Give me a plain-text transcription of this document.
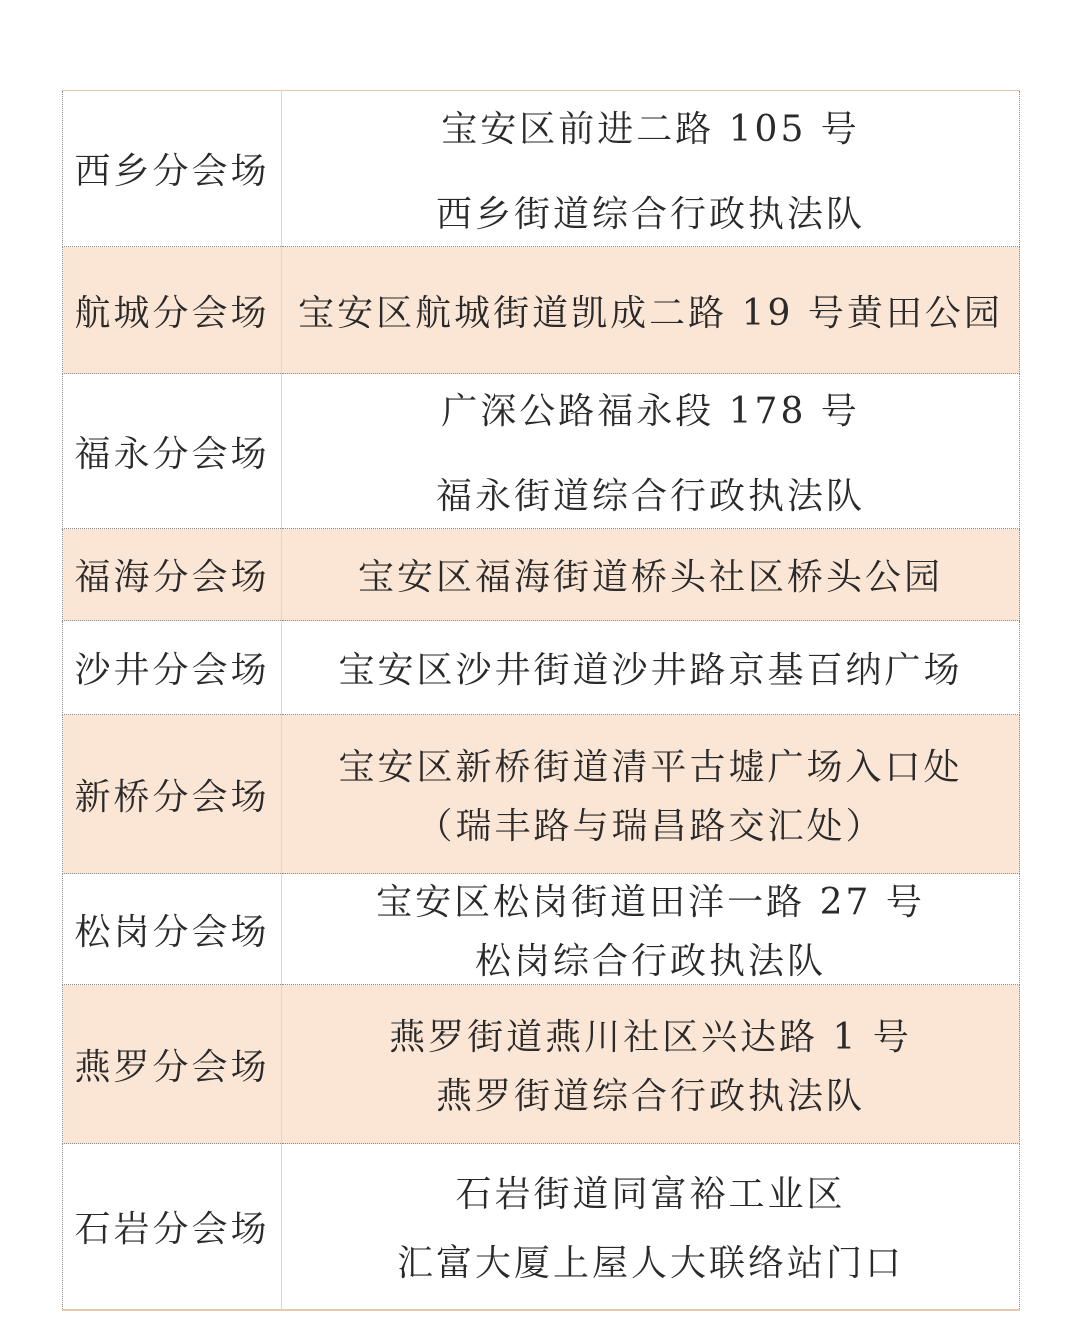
西乡分会场	宝安区前进二路 105 号
西乡街道综合行政执法队

航城分会场	宝安区航城街道凯成二路 19 号黄田公园

福永分会场	广深公路福永段 178 号
福永街道综合行政执法队

福海分会场	宝安区福海街道桥头社区桥头公园

沙井分会场	宝安区沙井街道沙井路京基百纳广场

新桥分会场	宝安区新桥街道清平古墟广场入口处
（瑞丰路与瑞昌路交汇处）

松岗分会场	宝安区松岗街道田洋一路 27 号
松岗综合行政执法队

燕罗分会场	燕罗街道燕川社区兴达路 1 号
燕罗街道综合行政执法队

石岩分会场	石岩街道同富裕工业区
汇富大厦上屋人大联络站门口
